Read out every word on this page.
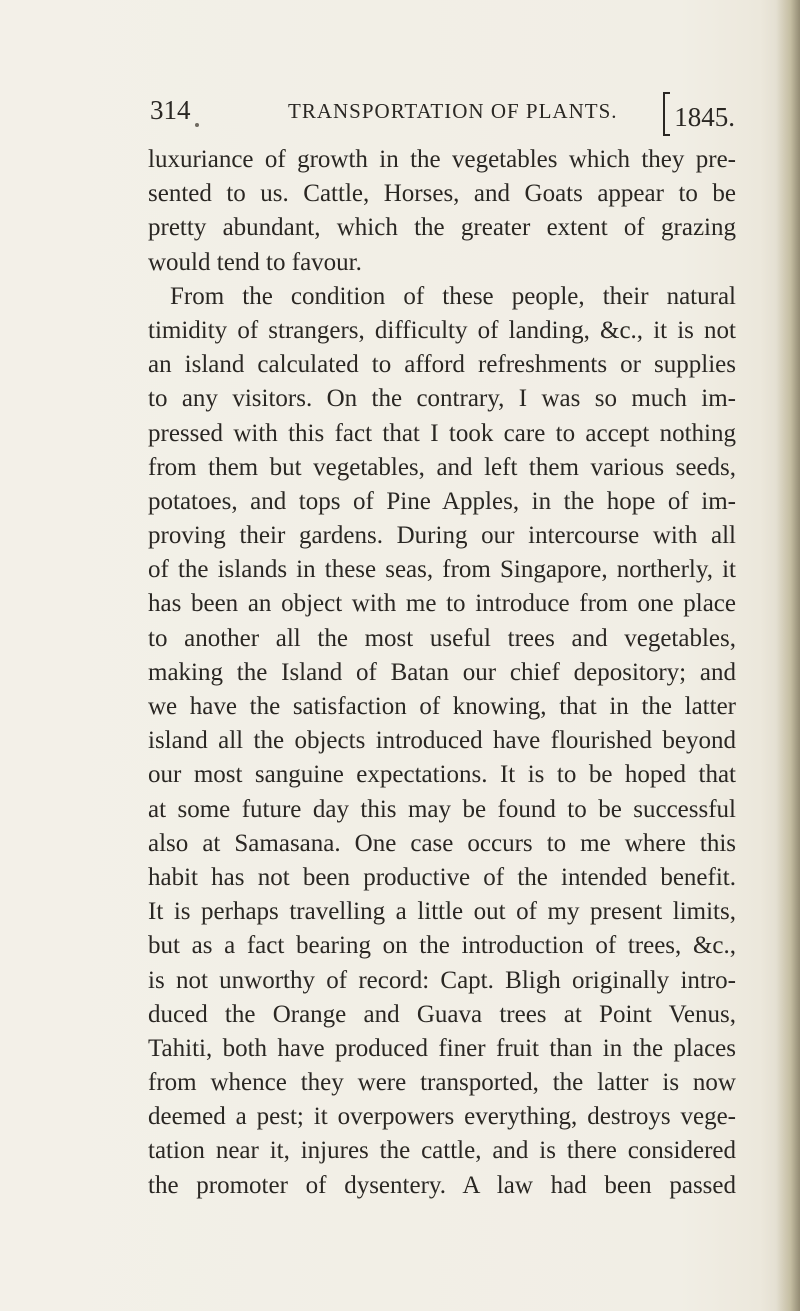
314	TRANSPORTATION OF PLANTS.	1845.
luxuriance of growth in the vegetables which they pre-
sented to us. Cattle, Horses, and Goats appear to be
pretty abundant, which the greater extent of grazing
would tend to favour.
From the condition of these people, their natural
timidity of strangers, difficulty of landing, &c., it is not
an island calculated to afford refreshments or supplies
to any visitors. On the contrary, I was so much im-
pressed with this fact that I took care to accept nothing
from them but vegetables, and left them various seeds,
potatoes, and tops of Pine Apples, in the hope of im-
proving their gardens. During our intercourse with all
of the islands in these seas, from Singapore, northerly, it
has been an object with me to introduce from one place
to another all the most useful trees and vegetables,
making the Island of Batan our chief depository; and
we have the satisfaction of knowing, that in the latter
island all the objects introduced have flourished beyond
our most sanguine expectations. It is to be hoped that
at some future day this may be found to be successful
also at Samasana. One case occurs to me where this
habit has not been productive of the intended benefit.
It is perhaps travelling a little out of my present limits,
but as a fact bearing on the introduction of trees, &c.,
is not unworthy of record: Capt. Bligh originally intro-
duced the Orange and Guava trees at Point Venus,
Tahiti, both have produced finer fruit than in the places
from whence they were transported, the latter is now
deemed a pest; it overpowers everything, destroys vege-
tation near it, injures the cattle, and is there considered
the promoter of dysentery. A law had been passed
